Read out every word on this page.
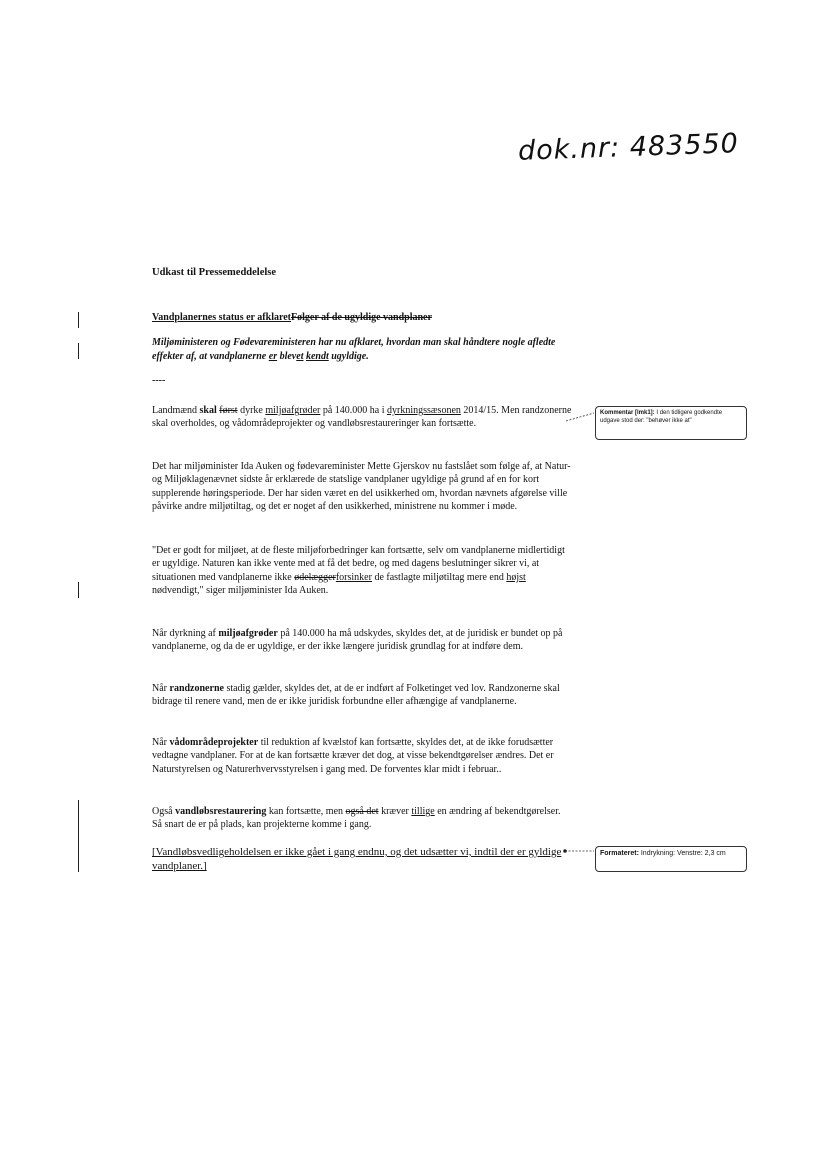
dok.nr: 483550
Udkast til Pressemeddelelse
Vandplanernes status er afklaretFølger af de ugyldige vandplaner
Miljøministeren og Fødevareministeren har nu afklaret, hvordan man skal håndtere nogle afledte effekter af, at vandplanerne er blevet kendt ugyldige.
----
Landmænd skal først dyrke miljøafgrøder på 140.000 ha i dyrkningssæsonen 2014/15. Men randzonerne skal overholdes, og vådområdeprojekter og vandløbsrestaureringer kan fortsætte.
Kommentar [lmk1]: I den tidligere godkendte udgave stod der: "behøver ikke at"
Det har miljøminister Ida Auken og fødevareminister Mette Gjerskov nu fastslået som følge af, at Natur- og Miljøklagenævnet sidste år erklærede de statslige vandplaner ugyldige på grund af en for kort supplerende høringsperiode. Der har siden været en del usikkerhed om, hvordan nævnets afgørelse ville påvirke andre miljøtiltag, og det er noget af den usikkerhed, ministrene nu kommer i møde.
"Det er godt for miljøet, at de fleste miljøforbedringer kan fortsætte, selv om vandplanerne midlertidigt er ugyldige. Naturen kan ikke vente med at få det bedre, og med dagens beslutninger sikrer vi, at situationen med vandplanerne ikke ødelæggerforsinker de fastlagte miljøtiltag mere end højst nødvendigt," siger miljøminister Ida Auken.
Når dyrkning af miljøafgrøder på 140.000 ha må udskydes, skyldes det, at de juridisk er bundet op på vandplanerne, og da de er ugyldige, er der ikke længere juridisk grundlag for at indføre dem.
Når randzonerne stadig gælder, skyldes det, at de er indført af Folketinget ved lov. Randzonerne skal bidrage til renere vand, men de er ikke juridisk forbundne eller afhængige af vandplanerne.
Når vådområdeprojekter til reduktion af kvælstof kan fortsætte, skyldes det, at de ikke forudsætter vedtagne vandplaner. For at de kan fortsætte kræver det dog, at visse bekendtgørelser ændres. Det er Naturstyrelsen og Naturerhvervsstyrelsen i gang med. De forventes klar midt i februar..
Også vandløbsrestaurering kan fortsætte, men også det kræver tillige en ændring af bekendtgørelser. Så snart de er på plads, kan projekterne komme i gang.
[Vandløbsvedligeholdelsen er ikke gået i gang endnu, og det udsætter vi, indtil der er gyldige vandplaner.]
Formateret: Indrykning: Venstre: 2,3 cm
